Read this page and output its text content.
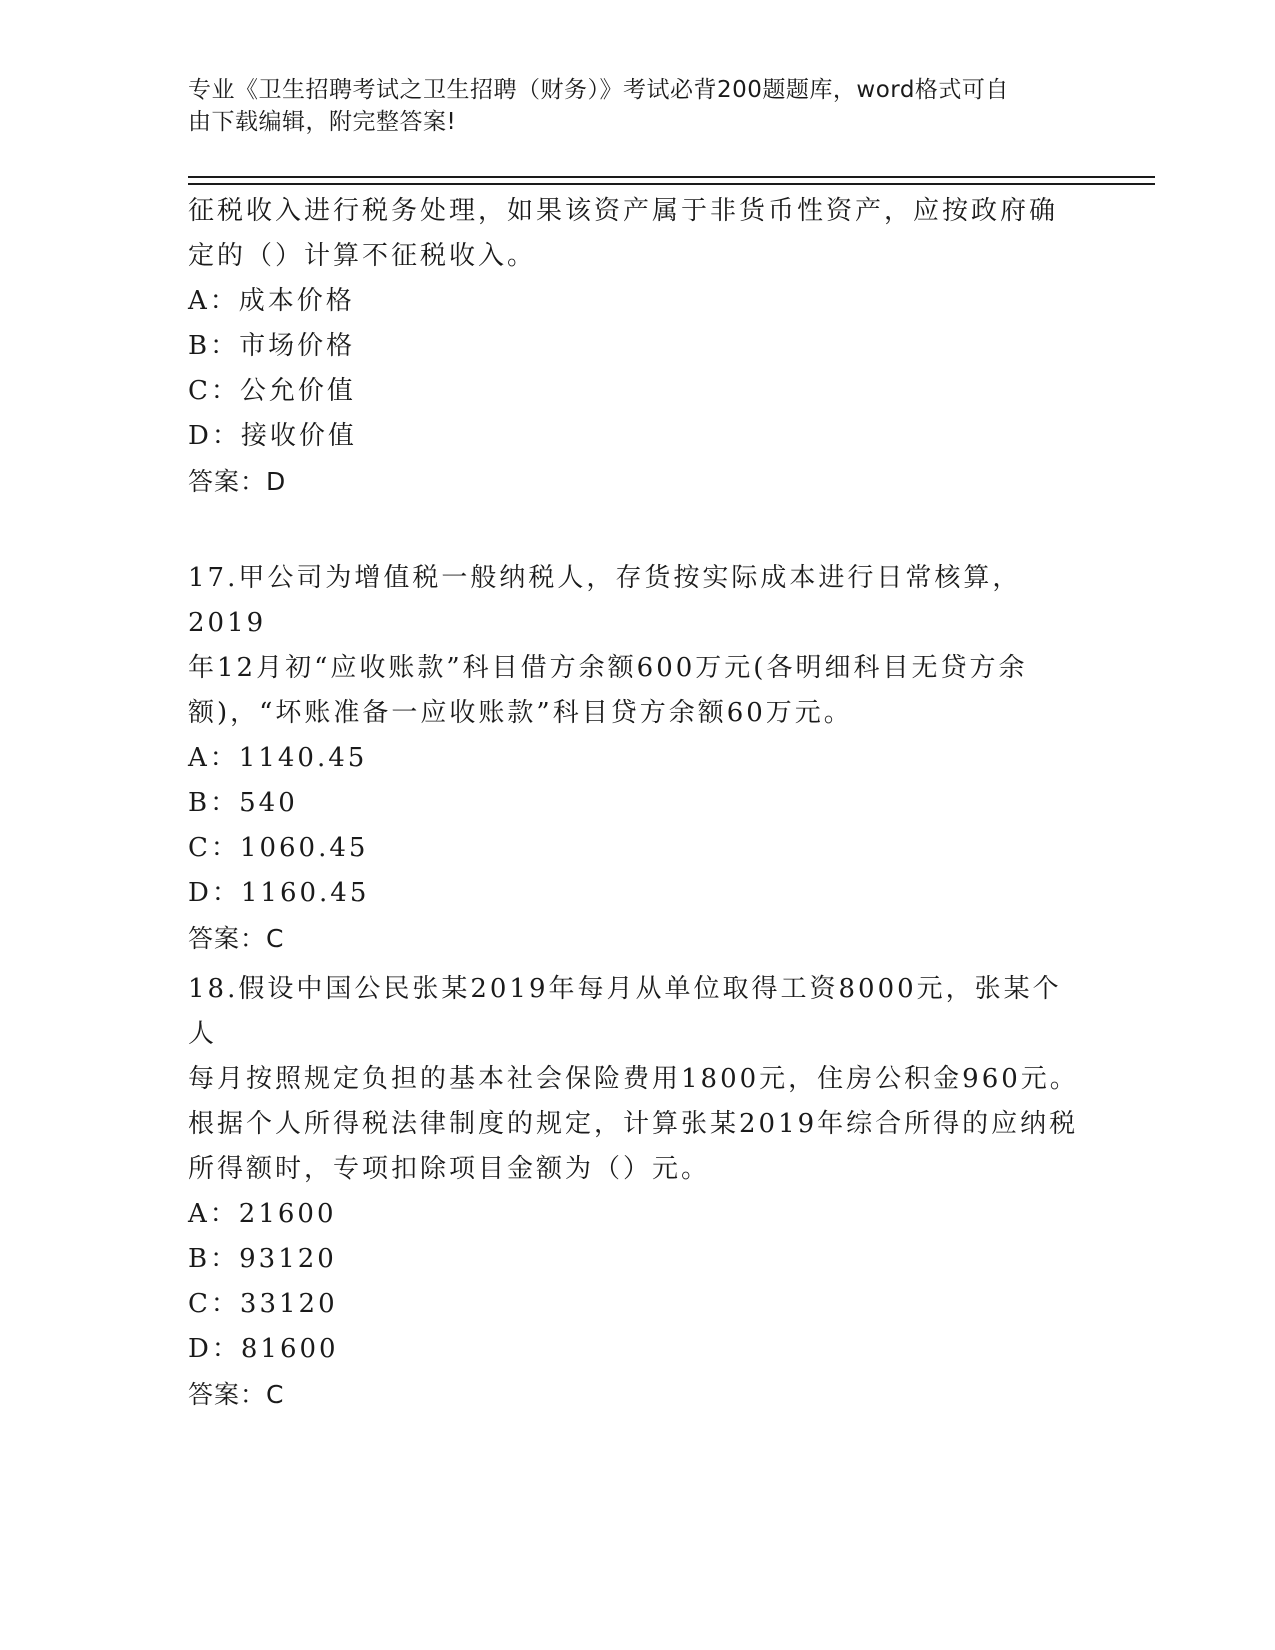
专业《卫生招聘考试之卫生招聘（财务）》考试必背200题题库，word格式可自
由下载编辑，附完整答案!

征税收入进行税务处理，如果该资产属于非货币性资产，应按政府确

定的（）计算不征税收入。

A：成本价格

B：市场价格

C：公允价值

D：接收价值

答案：D

17.甲公司为增值税一般纳税人，存货按实际成本进行日常核算，2019

年12月初“应收账款”科目借方余额600万元(各明细科目无贷方余

额)，“坏账准备一应收账款”科目贷方余额60万元。

A：1140.45

B：540

C：1060.45

D：1160.45

答案：C

18.假设中国公民张某2019年每月从单位取得工资8000元，张某个人

每月按照规定负担的基本社会保险费用1800元，住房公积金960元。

根据个人所得税法律制度的规定，计算张某2019年综合所得的应纳税

所得额时，专项扣除项目金额为（）元。

A：21600

B：93120

C：33120

D：81600

答案：C
